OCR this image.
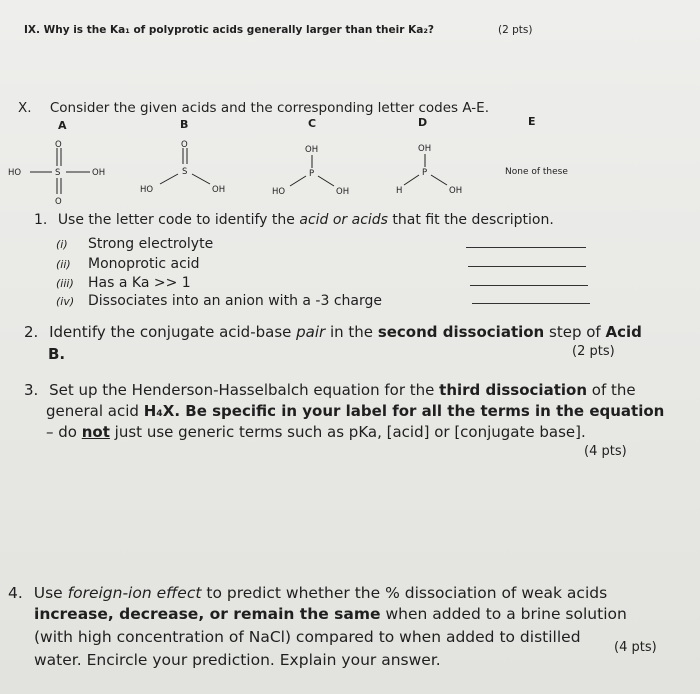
IX. Why is the Ka₁ of polyprotic acids generally larger than their Ka₂?	(2 pts)
X. Consider the given acids and the corresponding letter codes A-E.
A	B	C	D	E
HO	S	OH
O
O
O
S
HO	OH
OH
P
HO	OH
OH
P
H	OH
None of these
1. Use the letter code to identify the acid or acids that fit the description.
(i) Strong electrolyte
(ii) Monoprotic acid
(iii) Has a Ka >> 1
(iv) Dissociates into an anion with a -3 charge
2. Identify the conjugate acid-base pair in the second dissociation step of Acid
B.	(2 pts)
3. Set up the Henderson-Hasselbalch equation for the third dissociation of the
general acid H₄X. Be specific in your label for all the terms in the equation
– do not just use generic terms such as pKa, [acid] or [conjugate base].
(4 pts)
4. Use foreign-ion effect to predict whether the % dissociation of weak acids
increase, decrease, or remain the same when added to a brine solution
(with high concentration of NaCl) compared to when added to distilled
water. Encircle your prediction. Explain your answer.
(4 pts)
